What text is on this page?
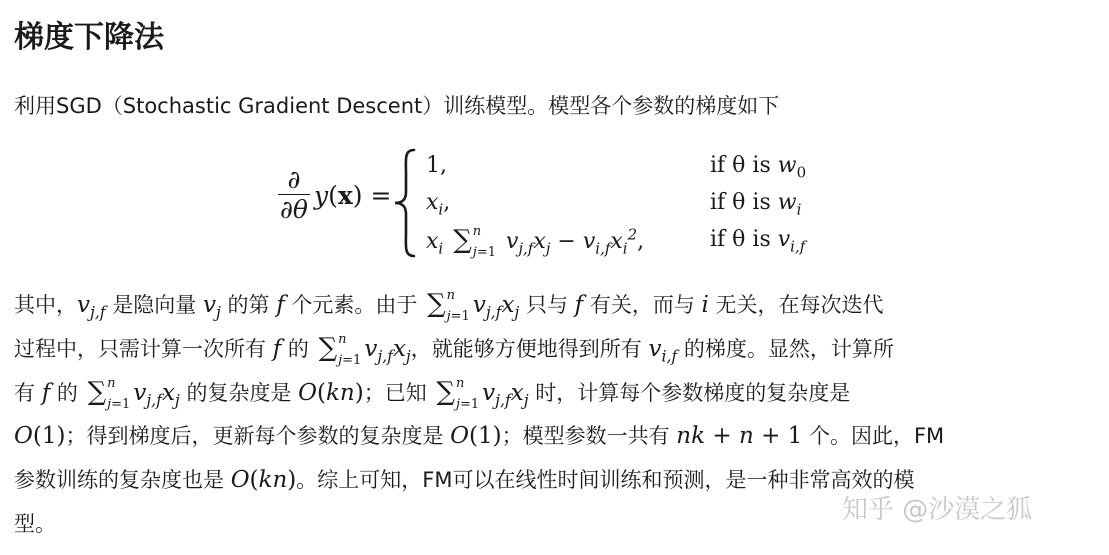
梯度下降法

利用SGD（Stochastic Gradient Descent）训练模型。模型各个参数的梯度如下

$\frac{\partial}{\partial\theta} y(x)$ =
1,	if θ is $w_0$
$x_i$,	if θ is $w_i$
$x_i$ ∑ n
j=1 $v_{j,f}x_j - v_{i,f}x_i^2$,	if θ is $v_{i,f}$
其中，$v_{j,f}$ 是隐向量 $v_j$ 的第 f 个元素。由于 ∑ n
j=1 $v_{j,f}x_j$ 只与 f 有关，而与 i 无关，在每次迭代
过程中，只需计算一次所有 f 的 ∑ n
j=1 $v_{j,f}x_j$，就能够方便地得到所有 $v_{i,f}$ 的梯度。显然，计算所
有 f 的 ∑ n
j=1 $v_{j,f}x_j$ 的复杂度是 O(kn)；已知 ∑ n
j=1 $v_{j,f}x_j$ 时，计算每个参数梯度的复杂度是
O(1)；得到梯度后，更新每个参数的复杂度是 O(1)；模型参数一共有 nk + n + 1 个。因此，FM
参数训练的复杂度也是 O(kn)。综上可知，FM可以在线性时间训练和预测，是一种非常高效的模
型。	知乎 @沙漠之狐
